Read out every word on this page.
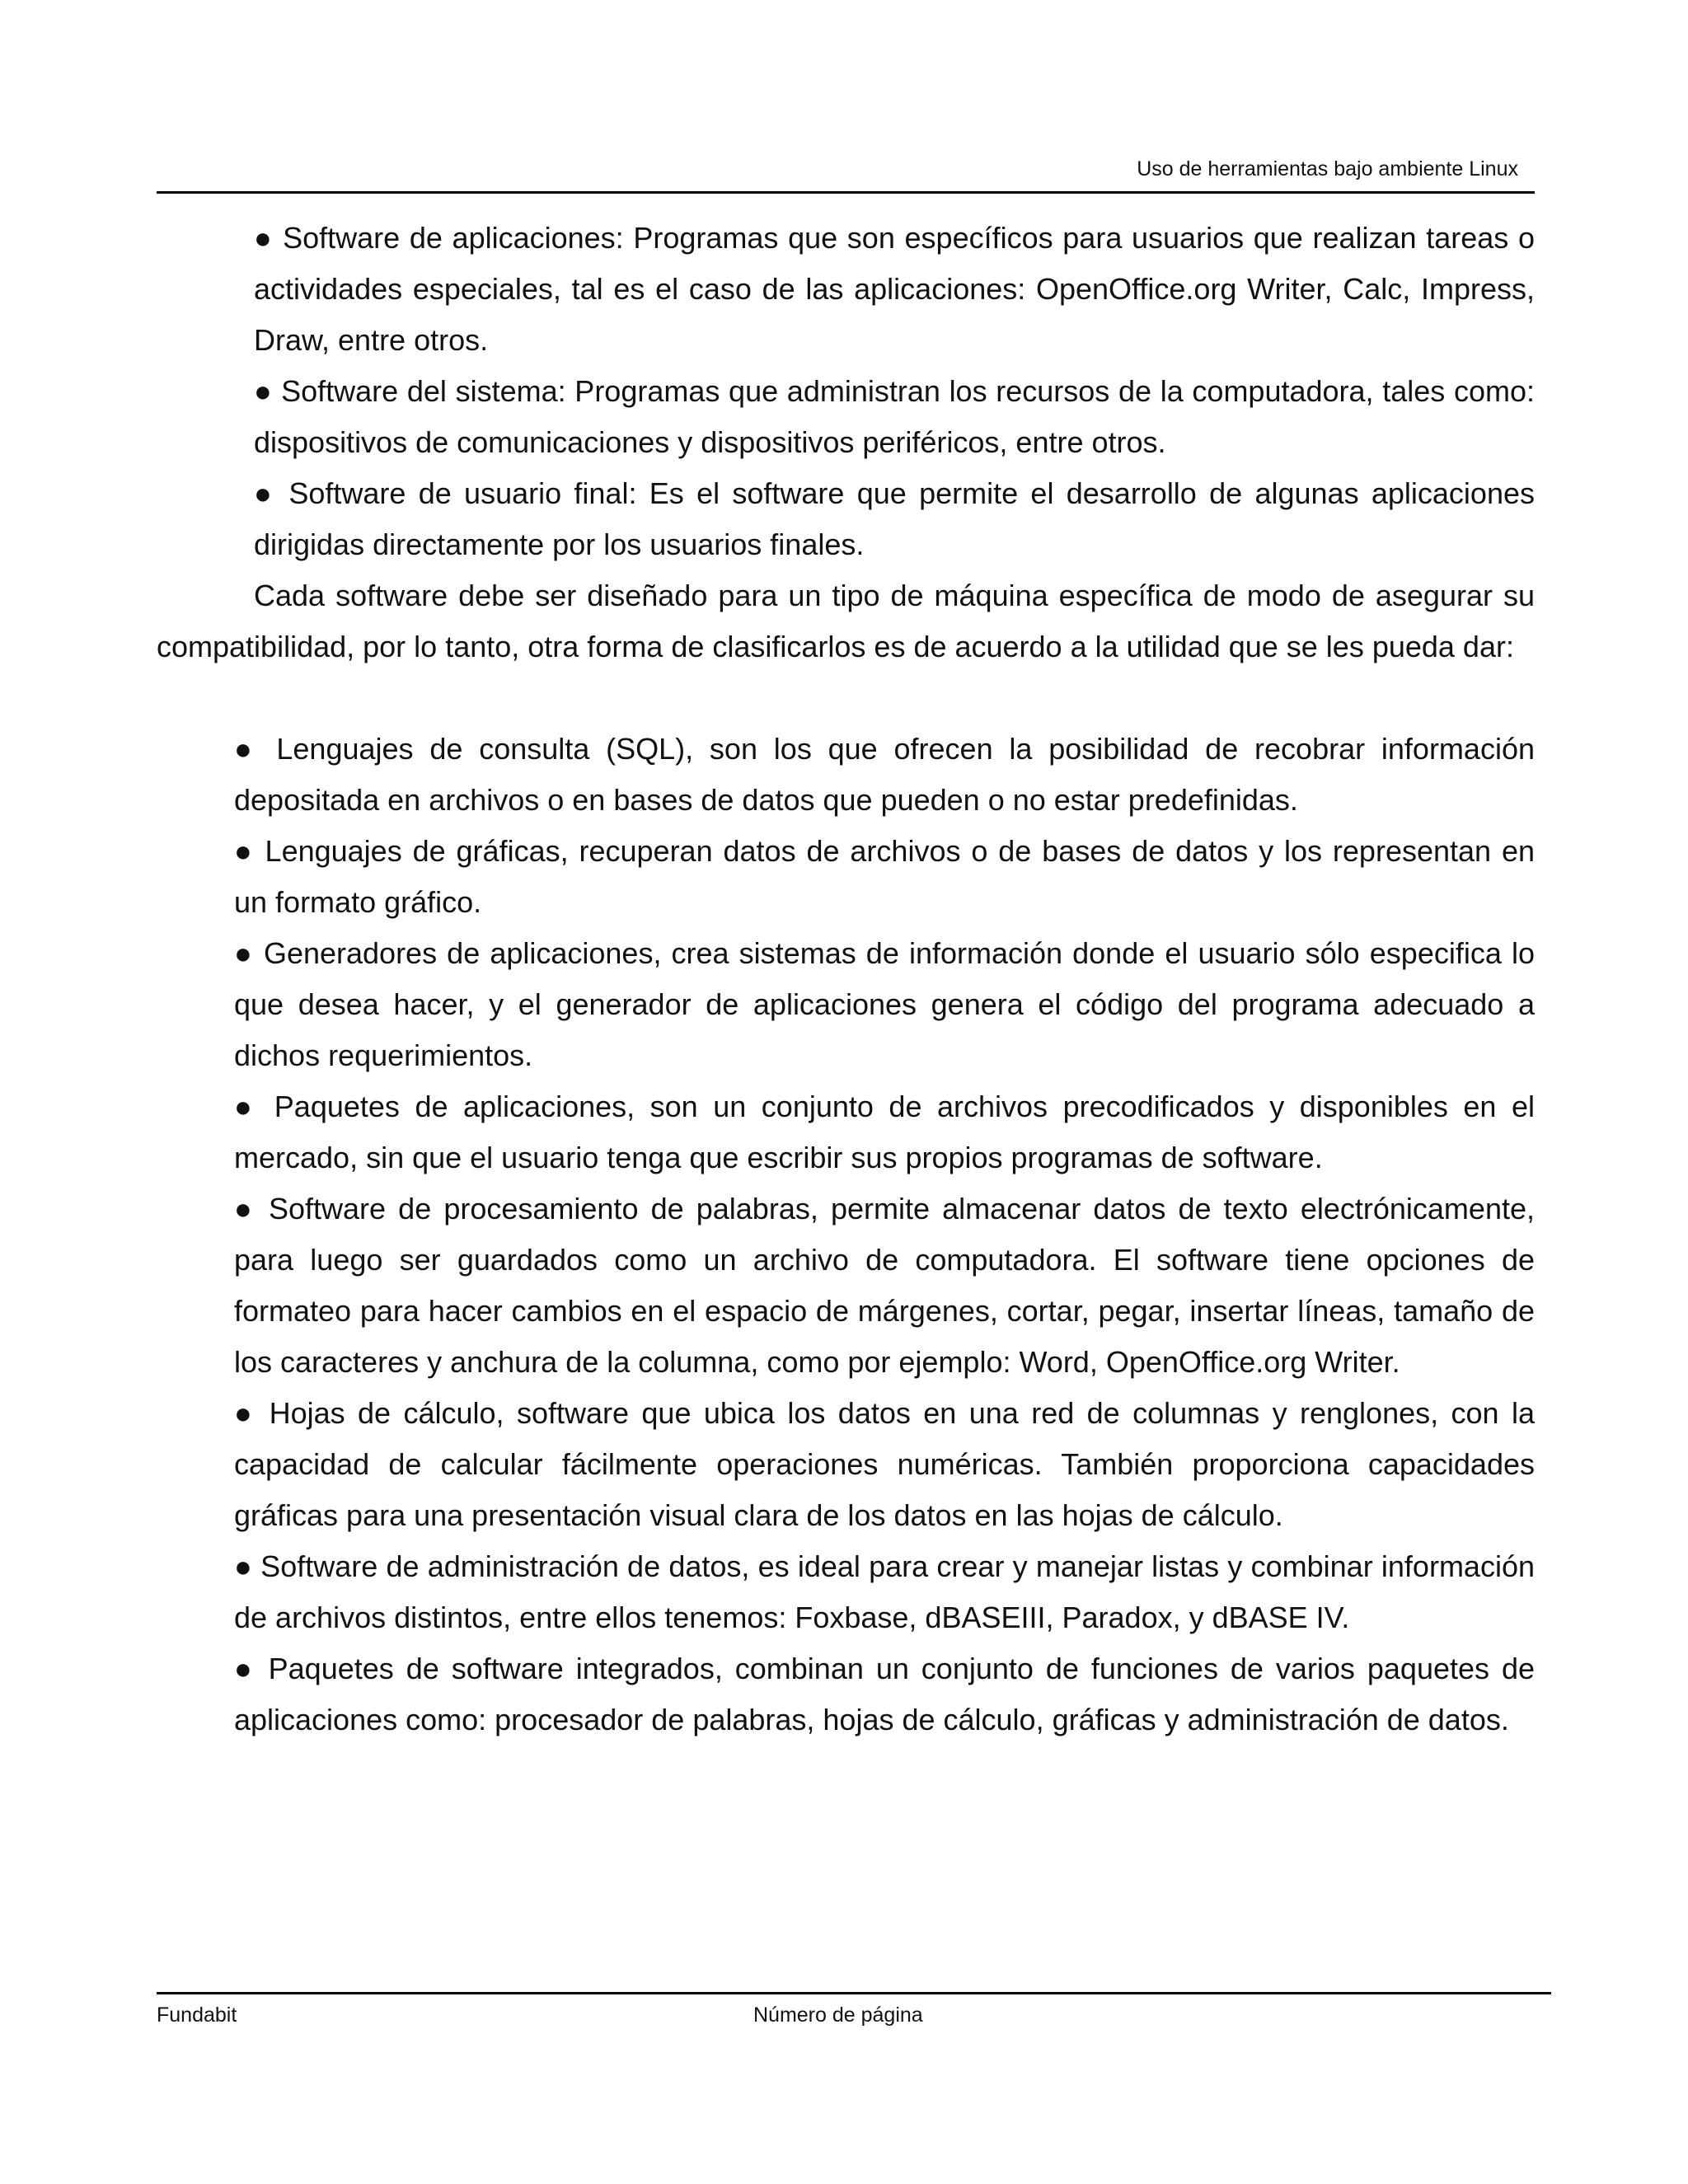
Uso de herramientas bajo ambiente Linux

● Software de aplicaciones: Programas que son específicos para usuarios que realizan tareas o actividades especiales, tal es el caso de las aplicaciones: OpenOffice.org Writer, Calc, Impress, Draw, entre otros.

● Software del sistema: Programas que administran los recursos de la computadora, tales como: dispositivos de comunicaciones y dispositivos periféricos, entre otros.

● Software de usuario final: Es el software que permite el desarrollo de algunas aplicaciones dirigidas directamente por los usuarios finales.

Cada software debe ser diseñado para un tipo de máquina específica de modo de asegurar su compatibilidad, por lo tanto, otra forma de clasificarlos es de acuerdo a la utilidad que se les pueda dar:

● Lenguajes de consulta (SQL), son los que ofrecen la posibilidad de recobrar información depositada en archivos o en bases de datos que pueden o no estar predefinidas.

● Lenguajes de gráficas, recuperan datos de archivos o de bases de datos y los representan en un formato gráfico.

● Generadores de aplicaciones, crea sistemas de información donde el usuario sólo especifica lo que desea hacer, y el generador de aplicaciones genera el código del programa adecuado a dichos requerimientos.

● Paquetes de aplicaciones, son un conjunto de archivos precodificados y disponibles en el mercado, sin que el usuario tenga que escribir sus propios programas de software.

● Software de procesamiento de palabras, permite almacenar datos de texto electrónicamente, para luego ser guardados como un archivo de computadora. El software tiene opciones de formateo para hacer cambios en el espacio de márgenes, cortar, pegar, insertar líneas, tamaño de los caracteres y anchura de la columna, como por ejemplo: Word, OpenOffice.org Writer.

● Hojas de cálculo, software que ubica los datos en una red de columnas y renglones, con la capacidad de calcular fácilmente operaciones numéricas. También proporciona capacidades gráficas para una presentación visual clara de los datos en las hojas de cálculo.

● Software de administración de datos, es ideal para crear y manejar listas y combinar información de archivos distintos, entre ellos tenemos: Foxbase, dBASEIII, Paradox, y dBASE IV.

● Paquetes de software integrados, combinan un conjunto de funciones de varios paquetes de aplicaciones como: procesador de palabras, hojas de cálculo, gráficas y administración de datos.

Fundabit	Número de página
